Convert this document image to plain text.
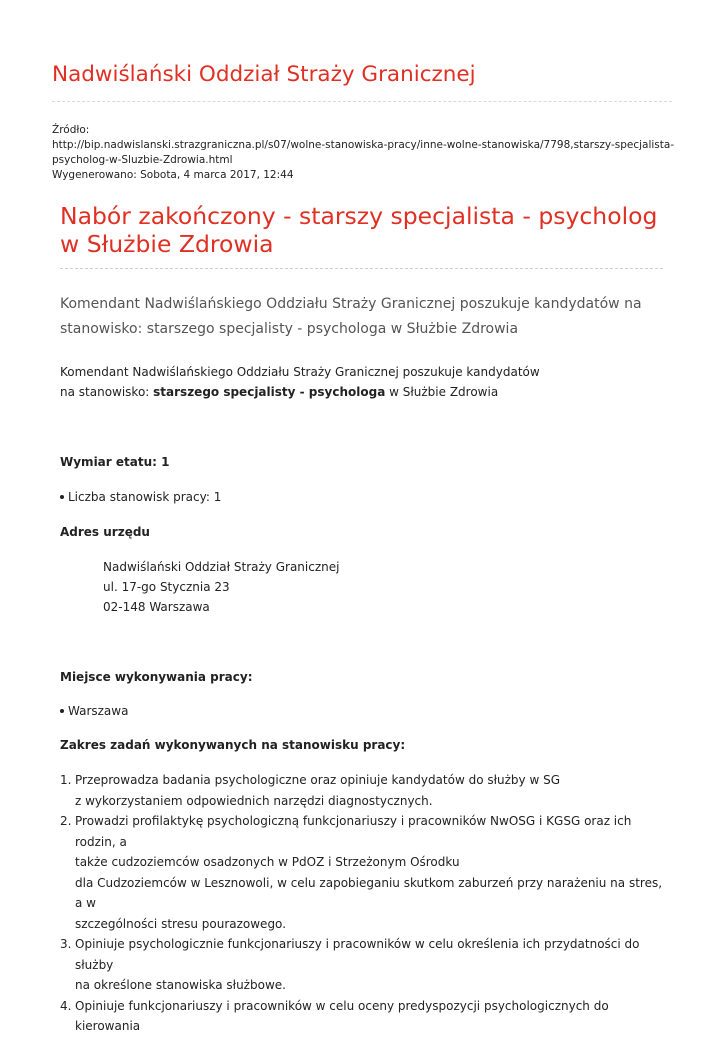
Nadwiślański Oddział Straży Granicznej
Źródło:
http://bip.nadwislanski.strazgraniczna.pl/s07/wolne-stanowiska-pracy/inne-wolne-stanowiska/7798,starszy-specjalista-
psycholog-w-Sluzbie-Zdrowia.html
Wygenerowano: Sobota, 4 marca 2017, 12:44
Nabór zakończony - starszy specjalista - psycholog
w Służbie Zdrowia
Komendant Nadwiślańskiego Oddziału Straży Granicznej poszukuje kandydatów na
stanowisko: starszego specjalisty - psychologa w Służbie Zdrowia
Komendant Nadwiślańskiego Oddziału Straży Granicznej poszukuje kandydatów
na stanowisko: starszego specjalisty - psychologa w Służbie Zdrowia

Wymiar etatu: 1

Liczba stanowisk pracy: 1

Adres urzędu

Nadwiślański Oddział Straży Granicznej
ul. 17-go Stycznia 23
02-148 Warszawa

Miejsce wykonywania pracy:

Warszawa

Zakres zadań wykonywanych na stanowisku pracy:

1. Przeprowadza badania psychologiczne oraz opiniuje kandydatów do służby w SG
z wykorzystaniem odpowiednich narzędzi diagnostycznych.
2. Prowadzi profilaktykę psychologiczną funkcjonariuszy i pracowników NwOSG i KGSG oraz ich rodzin, a
także cudzoziemców osadzonych w PdOZ i Strzeżonym Ośrodku
dla Cudzoziemców w Lesznowoli, w celu zapobieganiu skutkom zaburzeń przy narażeniu na stres, a w
szczególności stresu pourazowego.
3. Opiniuje psychologicznie funkcjonariuszy i pracowników w celu określenia ich przydatności do służby
na określone stanowiska służbowe.
4. Opiniuje funkcjonariuszy i pracowników w celu oceny predyspozycji psychologicznych do kierowania
